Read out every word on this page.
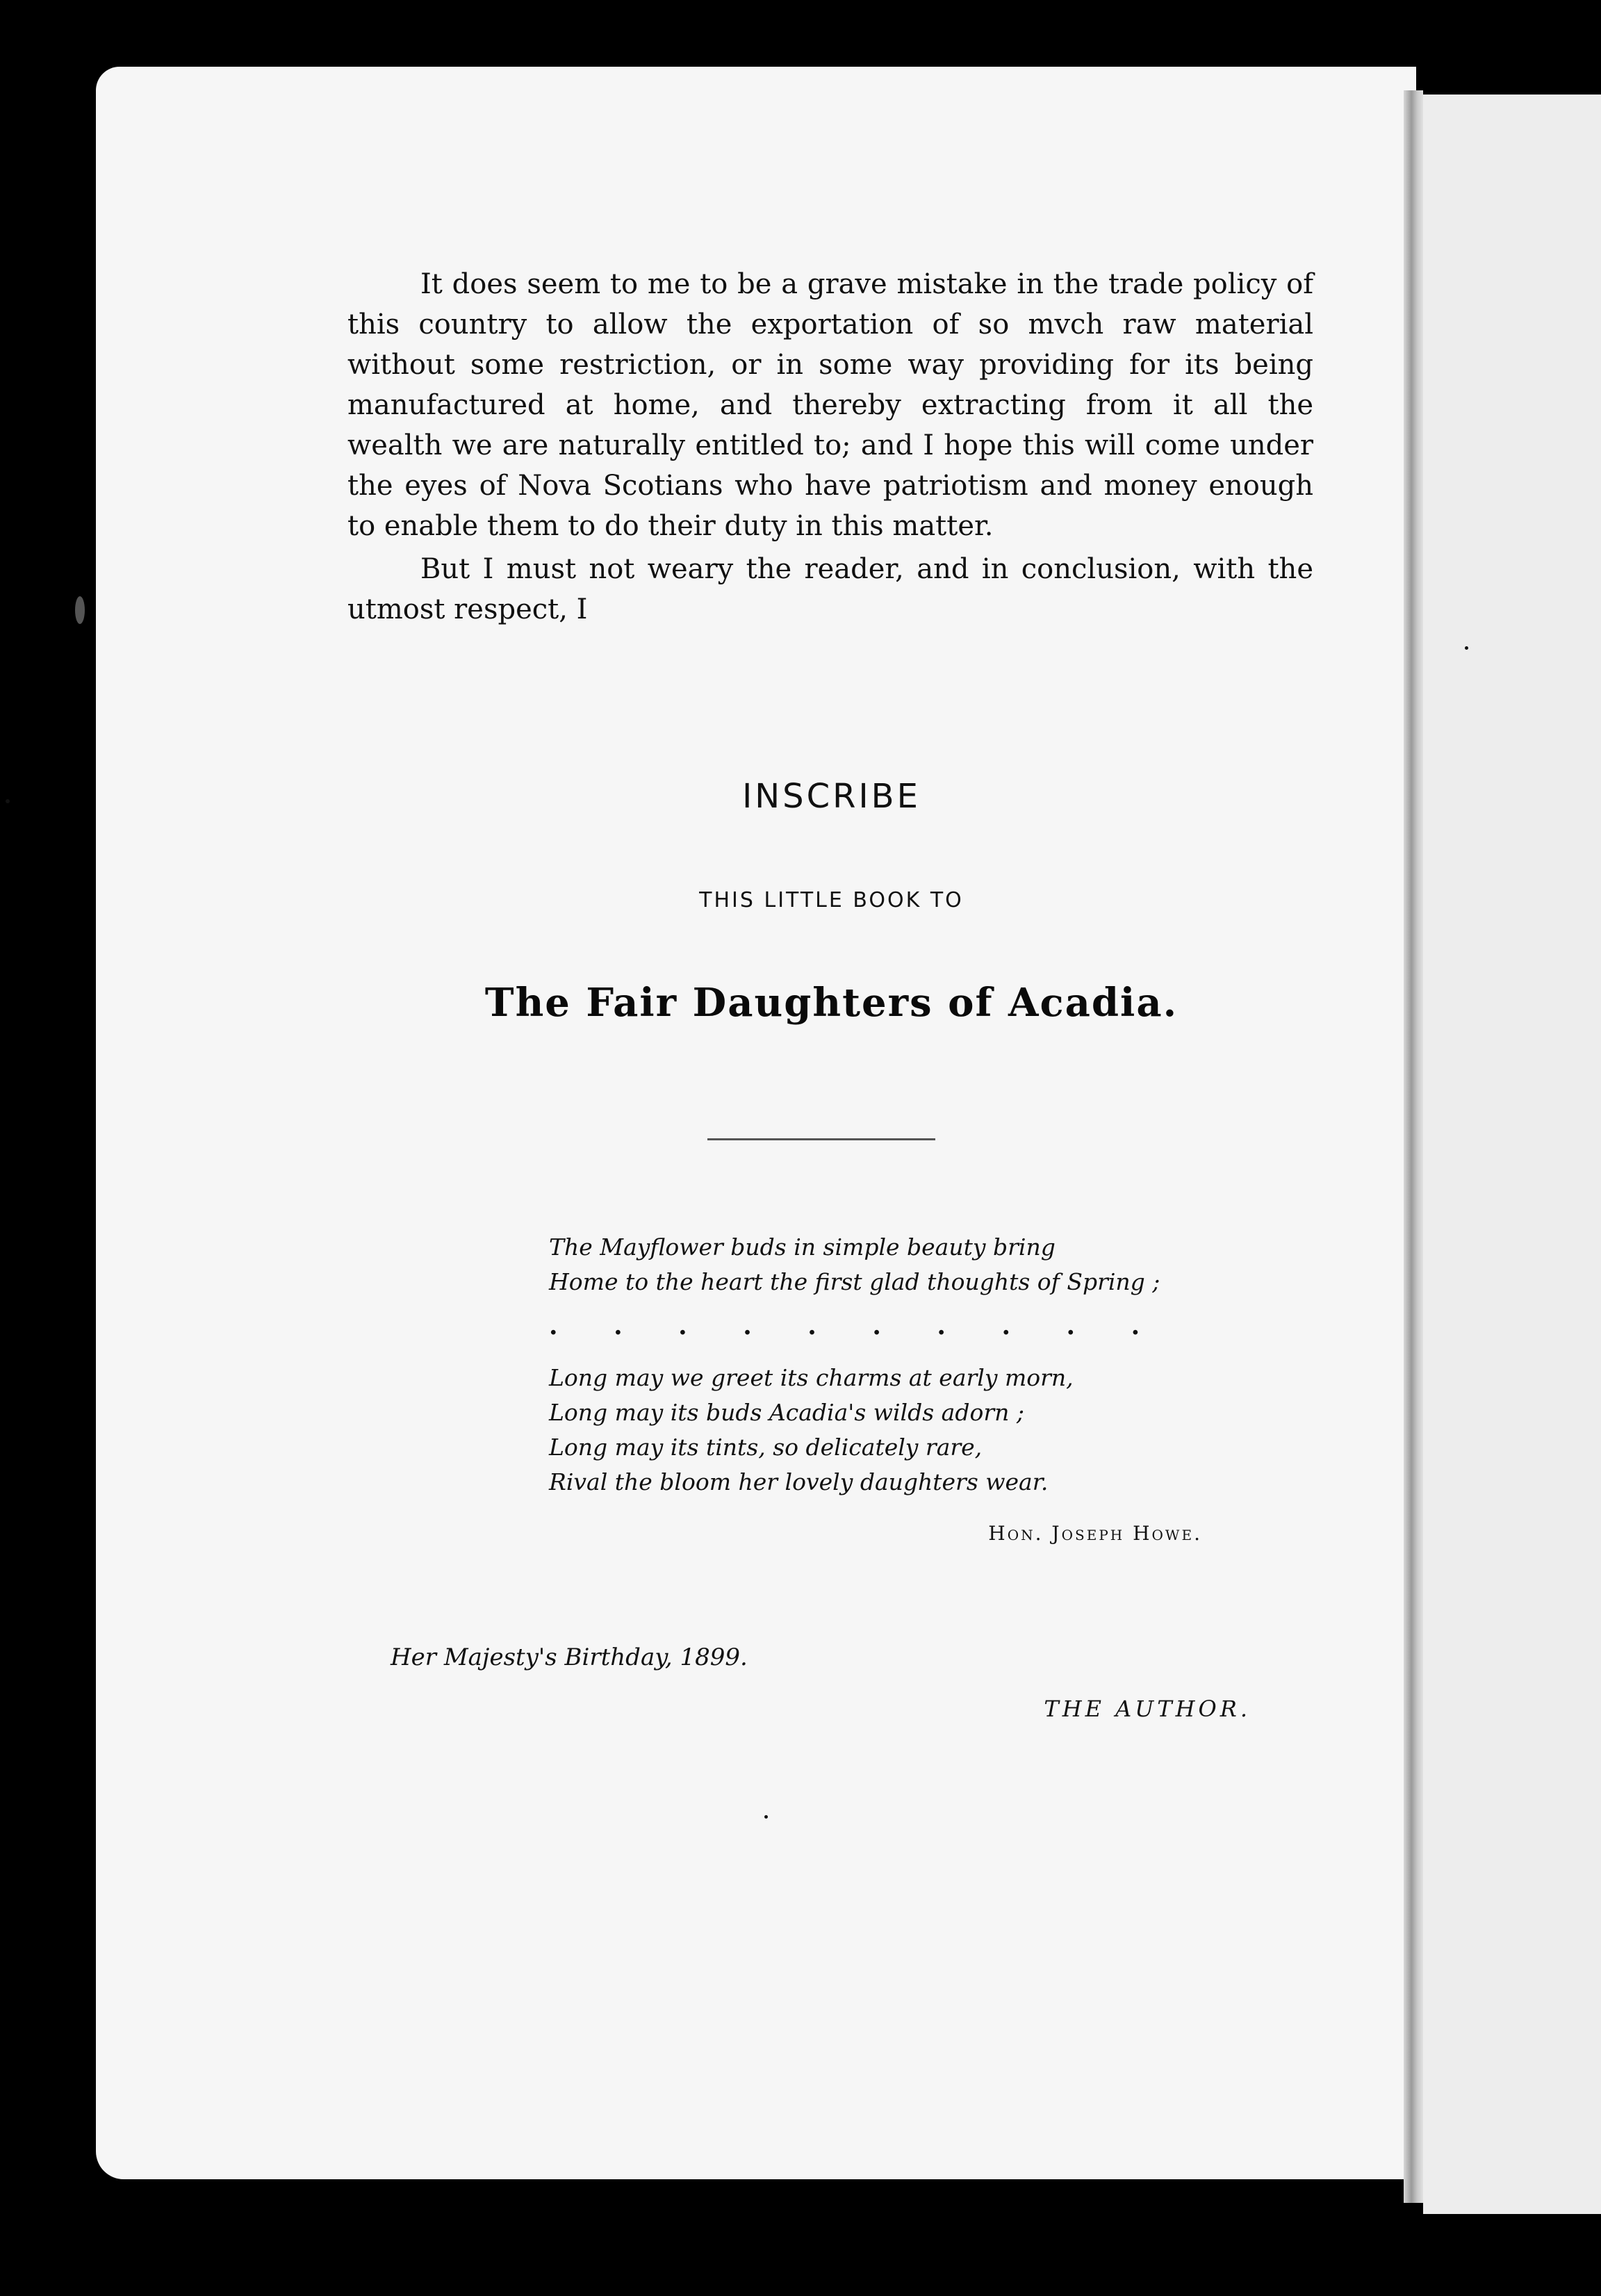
It does seem to me to be a grave mistake in the trade policy of this country to allow the exportation of so mvch raw material without some restriction, or in some way providing for its being manufactured at home, and thereby extracting from it all the wealth we are naturally entitled to; and I hope this will come under the eyes of Nova Scotians who have patriotism and money enough to enable them to do their duty in this matter.

But I must not weary the reader, and in conclusion, with the utmost respect, I

INSCRIBE
THIS LITTLE BOOK TO
The Fair Daughters of Acadia.
The Mayflower buds in simple beauty bring
Home to the heart the first glad thoughts of Spring ;
. . . . . . . . . .
Long may we greet its charms at early morn,
Long may its buds Acadia's wilds adorn ;
Long may its tints, so delicately rare,
Rival the bloom her lovely daughters wear.
Hon. Joseph Howe.
Her Majesty's Birthday, 1899.
THE AUTHOR.
